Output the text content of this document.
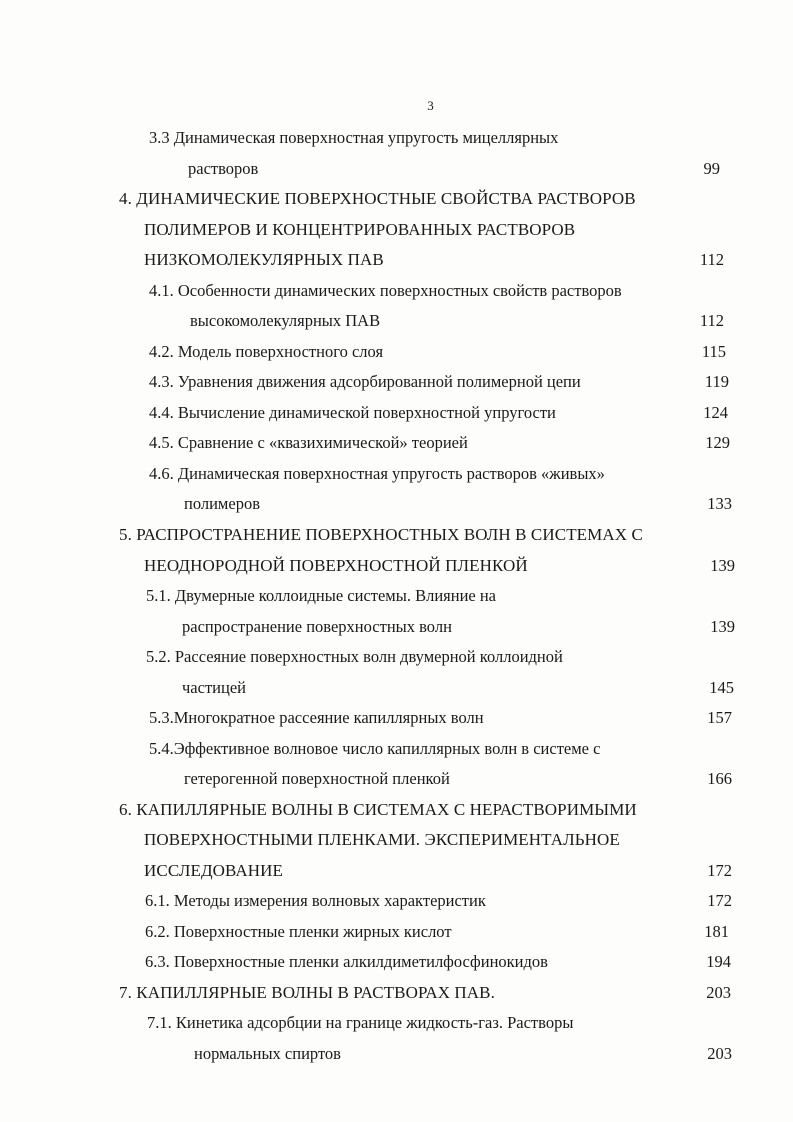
3
3.3 Динамическая поверхностная упругость мицеллярных
растворов	99
4. ДИНАМИЧЕСКИЕ ПОВЕРХНОСТНЫЕ СВОЙСТВА РАСТВОРОВ
ПОЛИМЕРОВ И КОНЦЕНТРИРОВАННЫХ РАСТВОРОВ
НИЗКОМОЛЕКУЛЯРНЫХ ПАВ	112
4.1. Особенности динамических поверхностных свойств растворов
высокомолекулярных ПАВ	112
4.2. Модель поверхностного слоя	115
4.3. Уравнения движения адсорбированной полимерной цепи	119
4.4. Вычисление динамической поверхностной упругости	124
4.5. Сравнение с «квазихимической» теорией	129
4.6. Динамическая поверхностная упругость растворов «живых»
полимеров	133
5. РАСПРОСТРАНЕНИЕ ПОВЕРХНОСТНЫХ ВОЛН В СИСТЕМАХ С
НЕОДНОРОДНОЙ ПОВЕРХНОСТНОЙ ПЛЕНКОЙ	139
5.1. Двумерные коллоидные системы. Влияние на
распространение поверхностных волн	139
5.2. Рассеяние поверхностных волн двумерной коллоидной
частицей	145
5.3.Многократное рассеяние капиллярных волн	157
5.4.Эффективное волновое число капиллярных волн в системе с
гетерогенной поверхностной пленкой	166
6. КАПИЛЛЯРНЫЕ ВОЛНЫ В СИСТЕМАХ С НЕРАСТВОРИМЫМИ
ПОВЕРХНОСТНЫМИ ПЛЕНКАМИ. ЭКСПЕРИМЕНТАЛЬНОЕ
ИССЛЕДОВАНИЕ	172
6.1. Методы измерения волновых характеристик	172
6.2. Поверхностные пленки жирных кислот	181
6.3. Поверхностные пленки алкилдиметилфосфинокидов	194
7. КАПИЛЛЯРНЫЕ ВОЛНЫ В РАСТВОРАХ ПАВ.	203
7.1. Кинетика адсорбции на границе жидкость-газ. Растворы
нормальных спиртов	203
